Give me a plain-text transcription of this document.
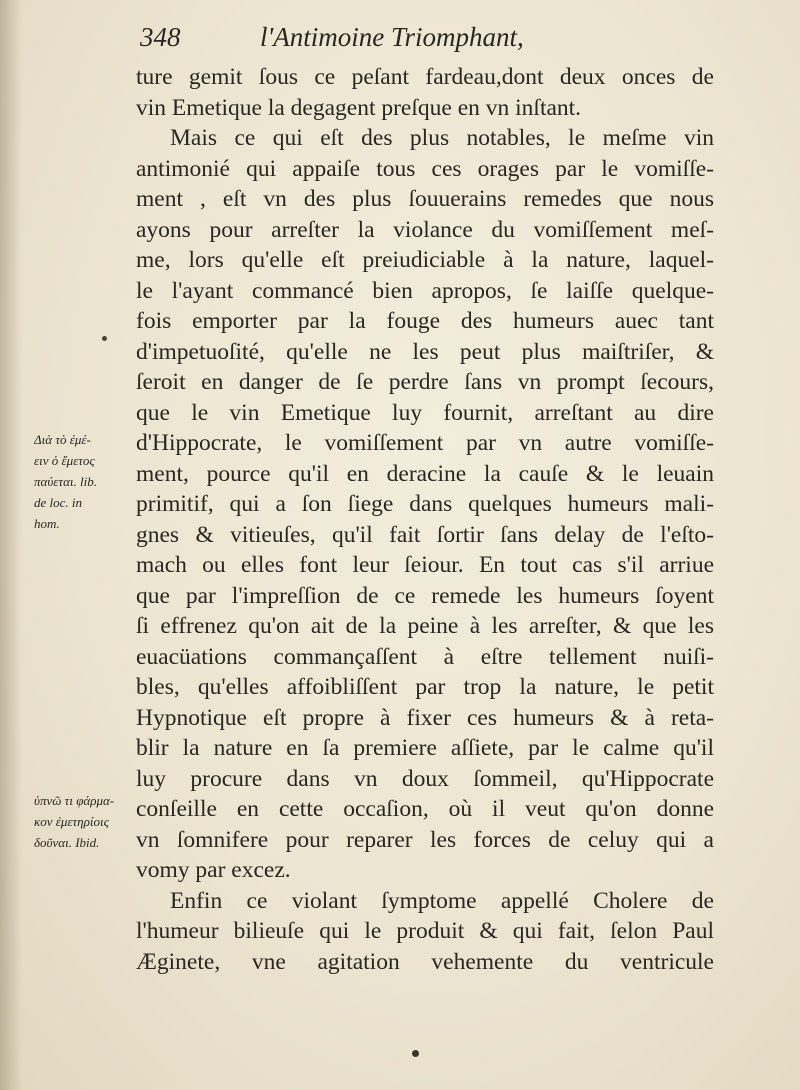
348	l'Antimoine Triomphant,
ture gemit ſous ce peſant fardeau,dont deux onces de
vin Emetique la degagent preſque en vn inſtant.
Mais ce qui eſt des plus notables, le meſme vin
antimonié qui appaiſe tous ces orages par le vomiſſe-
ment , eſt vn des plus ſouuerains remedes que nous
ayons pour arreſter la violance du vomiſſement meſ-
me, lors qu'elle eſt preiudiciable à la nature, laquel-
le l'ayant commancé bien apropos, ſe laiſſe quelque-
fois emporter par la fouge des humeurs auec tant
d'impetuoſité, qu'elle ne les peut plus maiſtriſer, &
ſeroit en danger de ſe perdre ſans vn prompt ſecours,
que le vin Emetique luy fournit, arreſtant au dire
d'Hippocrate, le vomiſſement par vn autre vomiſſe-
ment, pource qu'il en deracine la cauſe & le leuain
primitif, qui a ſon ſiege dans quelques humeurs mali-
gnes & vitieuſes, qu'il fait ſortir ſans delay de l'eſto-
mach ou elles font leur ſeiour. En tout cas s'il arriue
que par l'impreſſion de ce remede les humeurs ſoyent
ſi effrenez qu'on ait de la peine à les arreſter, & que les
euacüations commançaſſent à eſtre tellement nuiſi-
bles, qu'elles affoibliſſent par trop la nature, le petit
Hypnotique eſt propre à fixer ces humeurs & à reta-
blir la nature en ſa premiere aſſiete, par le calme qu'il
luy procure dans vn doux ſommeil, qu'Hippocrate
conſeille en cette occaſion, où il veut qu'on donne
vn ſomnifere pour reparer les forces de celuy qui a
vomy par excez.
Enfin ce violant ſymptome appellé Cholere de
l'humeur bilieuſe qui le produit & qui fait, ſelon Paul
Æginete, vne agitation vehemente du ventricule
Διὰ τὸ ἐμέ-
ειν ὁ ἔμετος
παύεται. lib.
de loc. in
hom.
ὑπνῶ τι φάρμα-
κον ἐμετηρίοις
δοῦναι. Ibid.
